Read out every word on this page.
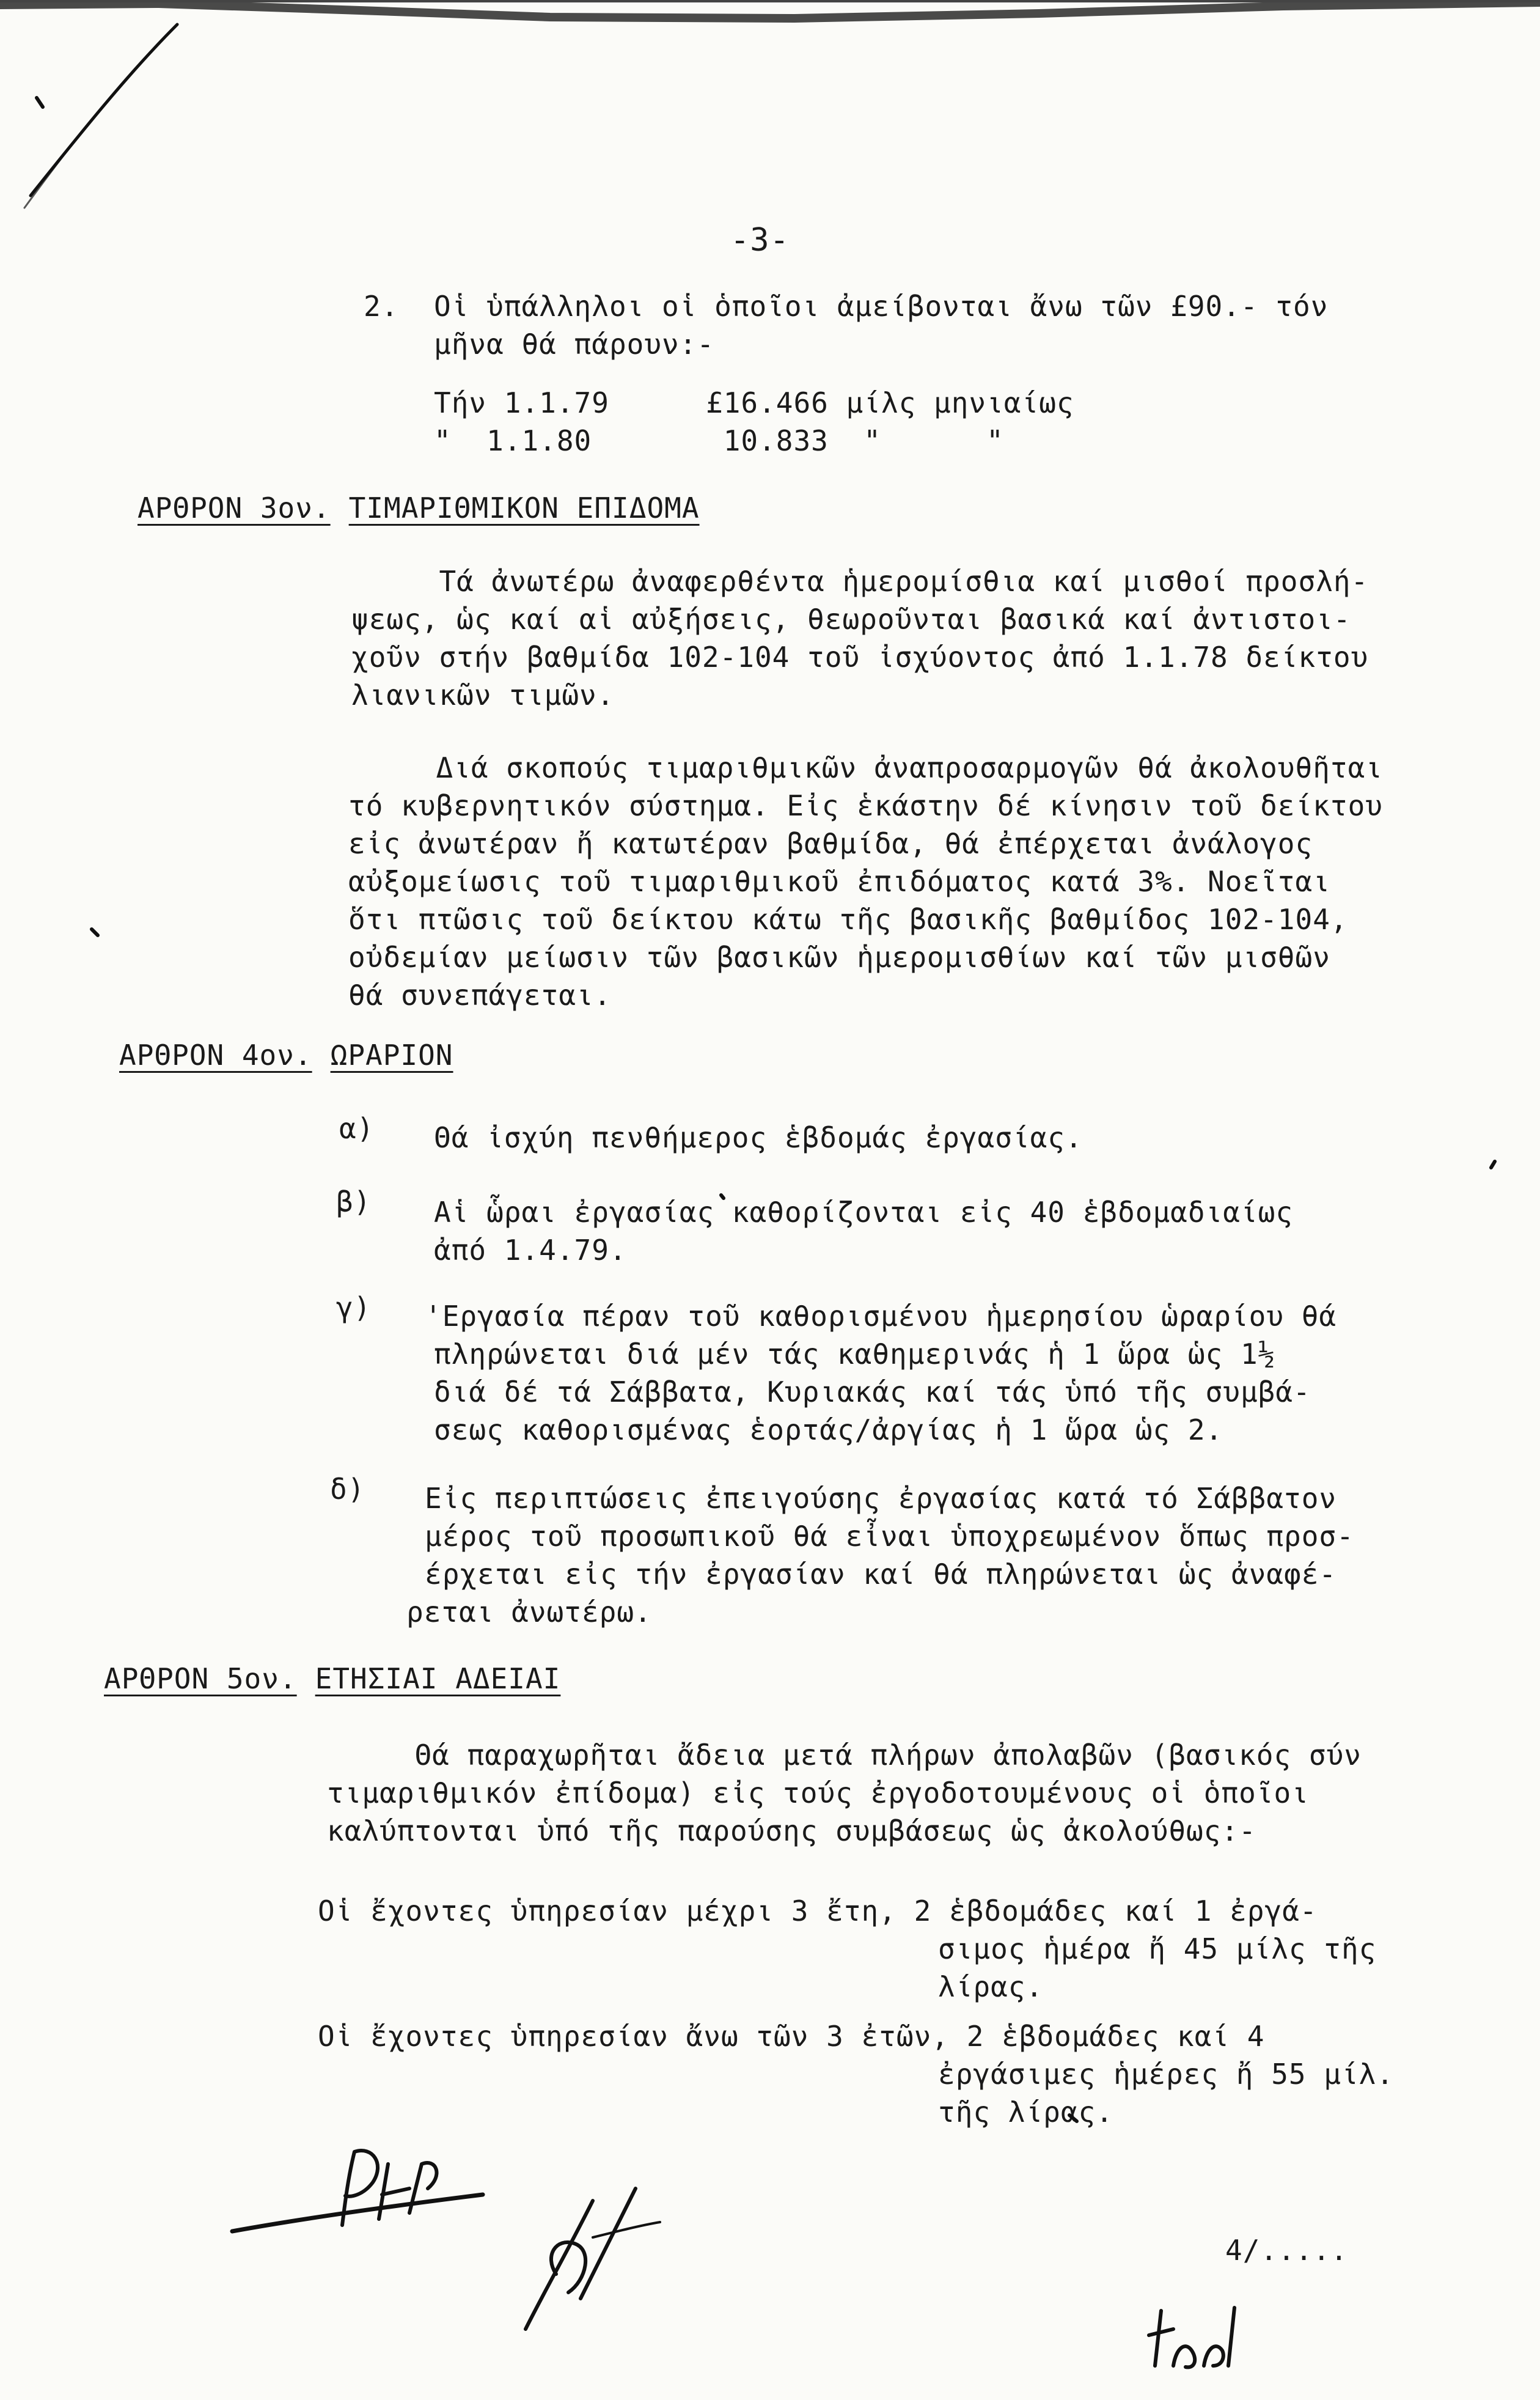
-3-
2. Οἱ ὑπάλληλοι οἱ ὁποῖοι ἀμείβονται ἄνω τῶν £90.- τόν
μῆνα θά πάρουν:-
Τήν 1.1.79	£16.466 μίλς μηνιαίως
"  1.1.80	10.833  "      "
ΑΡΘΡΟΝ 3ον. ΤΙΜΑΡΙΘΜΙΚΟΝ ΕΠΙΔΟΜΑ
Τά ἀνωτέρω ἀναφερθέντα ἡμερομίσθια καί μισθοί προσλή-
ψεως, ὡς καί αἱ αὐξήσεις, θεωροῦνται βασικά καί ἀντιστοι-
χοῦν στήν βαθμίδα 102-104 τοῦ ἰσχύοντος ἀπό 1.1.78 δείκτου
λιανικῶν τιμῶν.
Διά σκοπούς τιμαριθμικῶν ἀναπροσαρμογῶν θά ἀκολουθῆται
τό κυβερνητικόν σύστημα. Εἰς ἑκάστην δέ κίνησιν τοῦ δείκτου
εἰς ἀνωτέραν ἤ κατωτέραν βαθμίδα, θά ἐπέρχεται ἀνάλογος
αὐξομείωσις τοῦ τιμαριθμικοῦ ἐπιδόματος κατά 3%. Νοεῖται
ὅτι πτῶσις τοῦ δείκτου κάτω τῆς βασικῆς βαθμίδος 102-104,
οὐδεμίαν μείωσιν τῶν βασικῶν ἡμερομισθίων καί τῶν μισθῶν
θά συνεπάγεται.
ΑΡΘΡΟΝ 4ον. ΩΡΑΡΙΟΝ
α) Θά ἰσχύη πενθήμερος ἑβδομάς ἐργασίας.
β) Αἱ ὧραι ἐργασίας καθορίζονται εἰς 40 ἑβδομαδιαίως
ἀπό 1.4.79.
γ) 'Εργασία πέραν τοῦ καθορισμένου ἡμερησίου ὡραρίου θά
πληρώνεται διά μέν τάς καθημερινάς ἡ 1 ὥρα ὡς 1½
διά δέ τά Σάββατα, Κυριακάς καί τάς ὑπό τῆς συμβά-
σεως καθορισμένας ἑορτάς/ἀργίας ἡ 1 ὥρα ὡς 2.
δ) Εἰς περιπτώσεις ἐπειγούσης ἐργασίας κατά τό Σάββατον
μέρος τοῦ προσωπικοῦ θά εἶναι ὑποχρεωμένον ὅπως προσ-
έρχεται εἰς τήν ἐργασίαν καί θά πληρώνεται ὡς ἀναφέ-
ρεται ἀνωτέρω.
ΑΡΘΡΟΝ 5ον. ΕΤΗΣΙΑΙ ΑΔΕΙΑΙ
Θά παραχωρῆται ἄδεια μετά πλήρων ἀπολαβῶν (βασικός σύν
τιμαριθμικόν ἐπίδομα) εἰς τούς ἐργοδοτουμένους οἱ ὁποῖοι
καλύπτονται ὑπό τῆς παρούσης συμβάσεως ὡς ἀκολούθως:-
Οἱ ἔχοντες ὑπηρεσίαν μέχρι 3 ἔτη, 2 ἑβδομάδες καί 1 ἐργά-
σιμος ἡμέρα ἤ 45 μίλς τῆς
λίρας.
Οἱ ἔχοντες ὑπηρεσίαν ἄνω τῶν 3 ἐτῶν, 2 ἑβδομάδες καί 4
ἐργάσιμες ἡμέρες ἤ 55 μίλ.
τῆς λίρας.
4/.....
